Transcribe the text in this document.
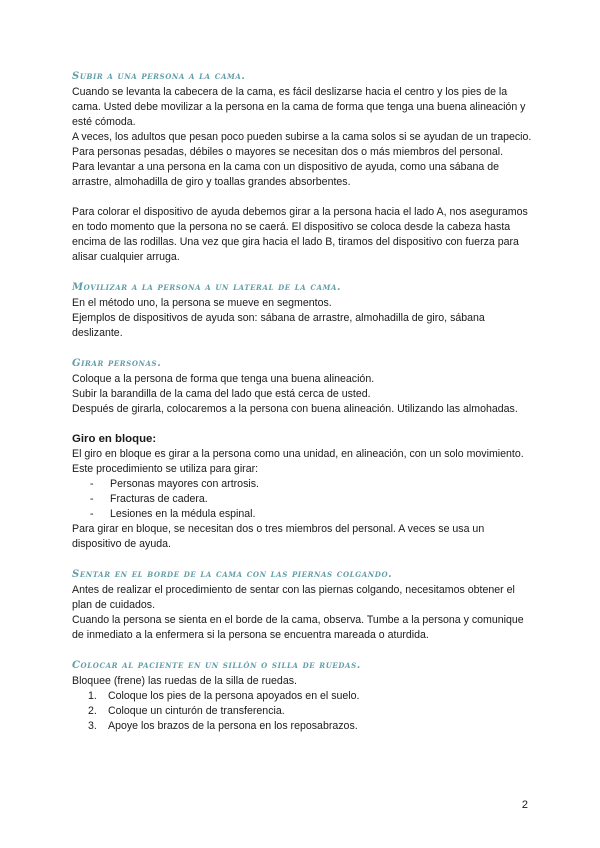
Subir a una persona a la cama.

Cuando se levanta la cabecera de la cama, es fácil deslizarse hacia el centro y los pies de la cama. Usted debe movilizar a la persona en la cama de forma que tenga una buena alineación y esté cómoda.

A veces, los adultos que pesan poco pueden subirse a la cama solos si se ayudan de un trapecio. Para personas pesadas, débiles o mayores se necesitan dos o más miembros del personal.

Para levantar a una persona en la cama con un dispositivo de ayuda, como una sábana de arrastre, almohadilla de giro y toallas grandes absorbentes.

Para colorar el dispositivo de ayuda debemos girar a la persona hacia el lado A, nos aseguramos en todo momento que la persona no se caerá. El dispositivo se coloca desde la cabeza hasta encima de las rodillas. Una vez que gira hacia el lado B, tiramos del dispositivo con fuerza para alisar cualquier arruga.

Movilizar a la persona a un lateral de la cama.

En el método uno, la persona se mueve en segmentos.

Ejemplos de dispositivos de ayuda son: sábana de arrastre, almohadilla de giro, sábana deslizante.

Girar personas.

Coloque a la persona de forma que tenga una buena alineación.

Subir la barandilla de la cama del lado que está cerca de usted.

Después de girarla, colocaremos a la persona con buena alineación. Utilizando las almohadas.

Giro en bloque:

El giro en bloque es girar a la persona como una unidad, en alineación, con un solo movimiento. Este procedimiento se utiliza para girar:

- Personas mayores con artrosis.
- Fracturas de cadera.
- Lesiones en la médula espinal.

Para girar en bloque, se necesitan dos o tres miembros del personal. A veces se usa un dispositivo de ayuda.

Sentar en el borde de la cama con las piernas colgando.

Antes de realizar el procedimiento de sentar con las piernas colgando, necesitamos obtener el plan de cuidados.

Cuando la persona se sienta en el borde de la cama, observa. Tumbe a la persona y comunique de inmediato a la enfermera si la persona se encuentra mareada o aturdida.

Colocar al paciente en un sillón o silla de ruedas.

Bloquee (frene) las ruedas de la silla de ruedas.

1. Coloque los pies de la persona apoyados en el suelo.
2. Coloque un cinturón de transferencia.
3. Apoye los brazos de la persona en los reposabrazos.
2
